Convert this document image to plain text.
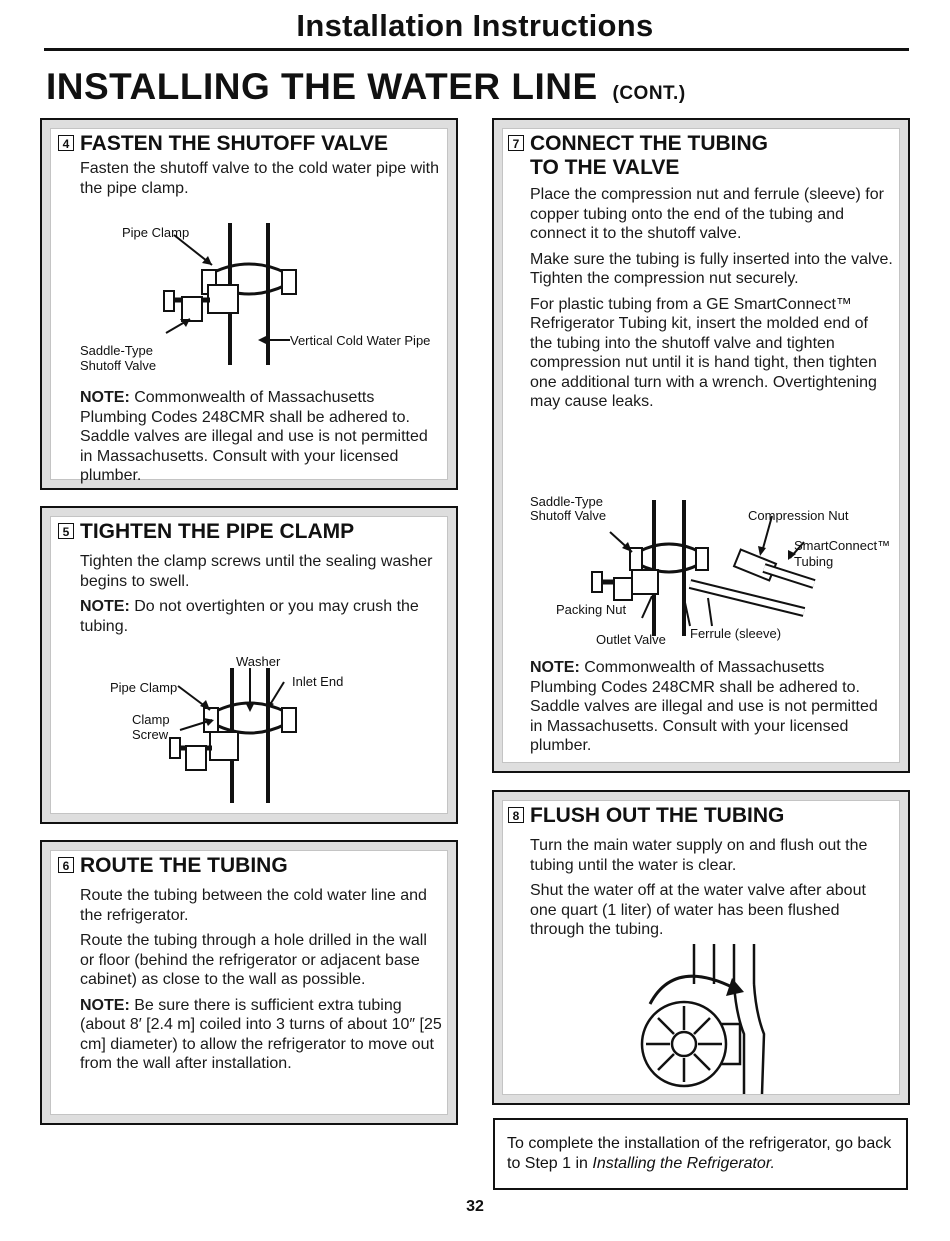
Installation Instructions
INSTALLING THE WATER LINE (CONT.)
4 FASTEN THE SHUTOFF VALVE

Fasten the shutoff valve to the cold water pipe with the pipe clamp.

Pipe Clamp
Saddle-Type
Shutoff Valve
Vertical Cold Water Pipe

NOTE: Commonwealth of Massachusetts Plumbing Codes 248CMR shall be adhered to. Saddle valves are illegal and use is not permitted in Massachusetts. Consult with your licensed plumber.

5 TIGHTEN THE PIPE CLAMP

Tighten the clamp screws until the sealing washer begins to swell.

NOTE: Do not overtighten or you may crush the tubing.

Washer
Pipe Clamp	Inlet End
Clamp
Screw
6 ROUTE THE TUBING

Route the tubing between the cold water line and the refrigerator.

Route the tubing through a hole drilled in the wall or floor (behind the refrigerator or adjacent base cabinet) as close to the wall as possible.

NOTE: Be sure there is sufficient extra tubing (about 8′ [2.4 m] coiled into 3 turns of about 10″ [25 cm] diameter) to allow the refrigerator to move out from the wall after installation.

7 CONNECT THE TUBING
TO THE VALVE

Place the compression nut and ferrule (sleeve) for copper tubing onto the end of the tubing and connect it to the shutoff valve.

Make sure the tubing is fully inserted into the valve. Tighten the compression nut securely.

For plastic tubing from a GE SmartConnect™ Refrigerator Tubing kit, insert the molded end of the tubing into the shutoff valve and tighten compression nut until it is hand tight, then tighten one additional turn with a wrench. Overtightening may cause leaks.

Saddle-Type
Shutoff Valve	Compression Nut
SmartConnect™
Tubing
Packing Nut
Outlet Valve Ferrule (sleeve)

NOTE: Commonwealth of Massachusetts Plumbing Codes 248CMR shall be adhered to. Saddle valves are illegal and use is not permitted in Massachusetts. Consult with your licensed plumber.

8 FLUSH OUT THE TUBING

Turn the main water supply on and flush out the tubing until the water is clear.

Shut the water off at the water valve after about one quart (1 liter) of water has been flushed through the tubing.

To complete the installation of the refrigerator, go back to Step 1 in Installing the Refrigerator.
32
